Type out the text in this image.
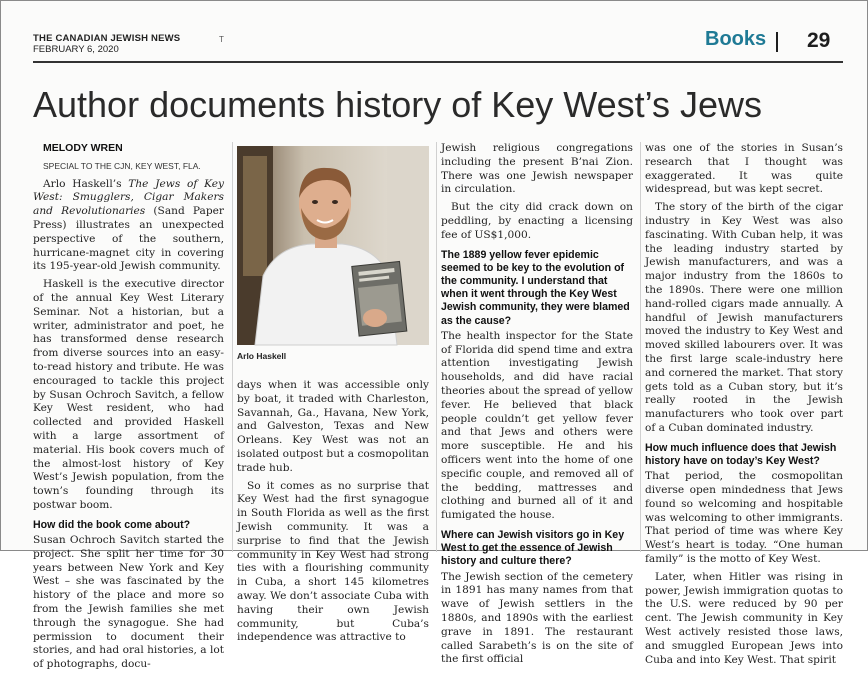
THE CANADIAN JEWISH NEWS
FEBRUARY 6, 2020
T	Books 29
Author documents history of Key West’s Jews

MELODY WREN

SPECIAL TO THE CJN, KEY WEST, FLA.

Arlo Haskell’s The Jews of Key West: Smugglers, Cigar Makers and Revolutionaries (Sand Paper Press) illustrates an unexpected perspective of the southern, hurricane-magnet city in covering its 195-year-old Jewish community.

Haskell is the executive director of the annual Key West Literary Seminar. Not a historian, but a writer, administrator and poet, he has transformed dense research from diverse sources into an easy-to-read history and tribute. He was encouraged to tackle this project by Susan Ochroch Savitch, a fellow Key West resident, who had collected and provided Haskell with a large assortment of material. His book covers much of the almost-lost history of Key West’s Jewish population, from the town’s founding through its postwar boom.

How did the book come about?

Susan Ochroch Savitch started the project. She split her time for 30 years between New York and Key West – she was fascinated by the history of the place and more so from the Jewish families she met through the synagogue. She had permission to document their stories, and had oral histories, a lot of photographs, docu-

Arlo Haskell

days when it was accessible only by boat, it traded with Charleston, Savannah, Ga., Havana, New York, and Galveston, Texas and New Orleans. Key West was not an isolated outpost but a cosmopolitan trade hub.

So it comes as no surprise that Key West had the first synagogue in South Florida as well as the first Jewish community. It was a surprise to find that the Jewish community in Key West had strong ties with a flourishing community in Cuba, a short 145 kilometres away. We don’t associate Cuba with having their own Jewish community, but Cuba’s independence was attractive to

Jewish religious congregations including the present B’nai Zion. There was one Jewish newspaper in circulation.

But the city did crack down on peddling, by enacting a licensing fee of US$1,000.

The 1889 yellow fever epidemic seemed to be key to the evolution of the community. I understand that when it went through the Key West Jewish community, they were blamed as the cause?

The health inspector for the State of Florida did spend time and extra attention investigating Jewish households, and did have racial theories about the spread of yellow fever. He believed that black people couldn’t get yellow fever and that Jews and others were more susceptible. He and his officers went into the home of one specific couple, and removed all of the bedding, mattresses and clothing and burned all of it and fumigated the house.

Where can Jewish visitors go in Key West to get the essence of Jewish history and culture there?

The Jewish section of the cemetery in 1891 has many names from that wave of Jewish settlers in the 1880s, and 1890s with the earliest grave in 1891. The restaurant called Sarabeth’s is on the site of the first official

was one of the stories in Susan’s research that I thought was exaggerated. It was quite widespread, but was kept secret.

The story of the birth of the cigar industry in Key West was also fascinating. With Cuban help, it was the leading industry started by Jewish manufacturers, and was a major industry from the 1860s to the 1890s. There were one million hand-rolled cigars made annually. A handful of Jewish manufacturers moved the industry to Key West and moved skilled labourers over. It was the first large scale-industry here and cornered the market. That story gets told as a Cuban story, but it’s really rooted in the Jewish manufacturers who took over part of a Cuban dominated industry.

How much influence does that Jewish history have on today’s Key West?

That period, the cosmopolitan diverse open mindedness that Jews found so welcoming and hospitable was welcoming to other immigrants. That period of time was where Key West’s heart is today. “One human family” is the motto of Key West.

Later, when Hitler was rising in power, Jewish immigration quotas to the U.S. were reduced by 90 per cent. The Jewish community in Key West actively resisted those laws, and smuggled European Jews into Cuba and into Key West. That spirit
